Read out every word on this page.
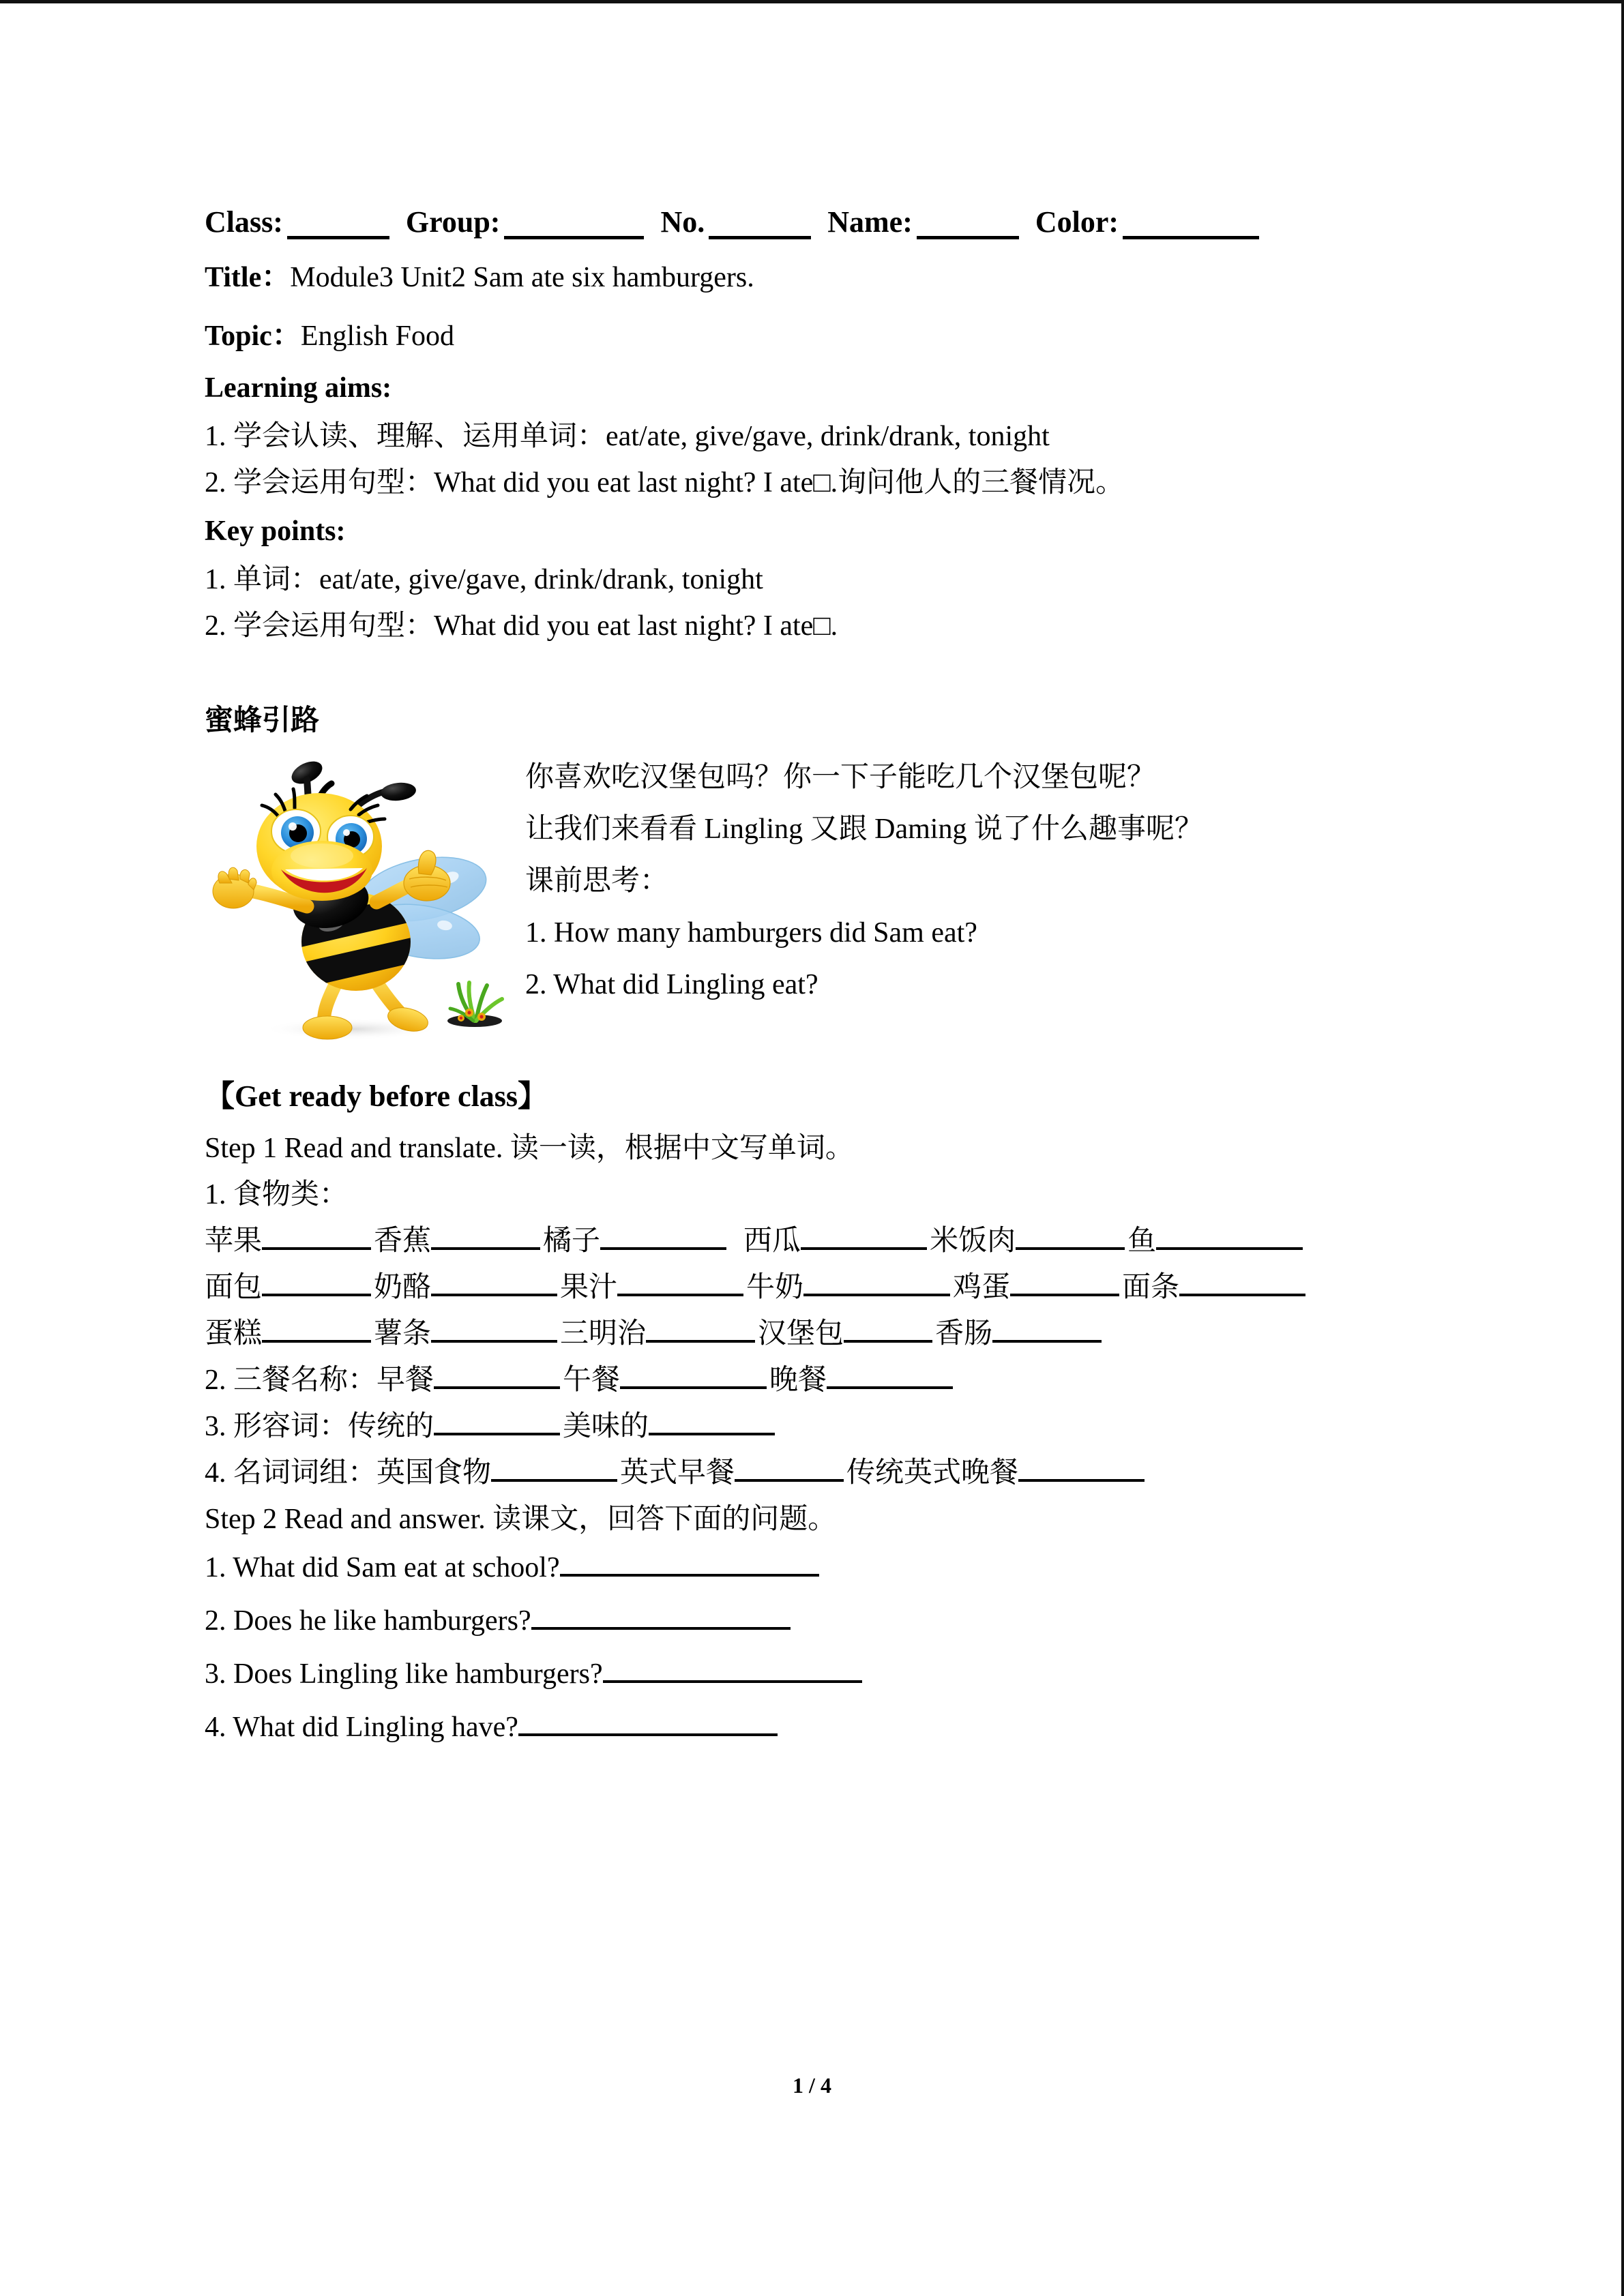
Class:	Group:	No.	Name:	Color:
Title：Module3 Unit2 Sam ate six hamburgers.
Topic：English Food
Learning aims:
1. 学会认读、理解、运用单词：eat/ate, give/gave, drink/drank, tonight
2. 学会运用句型：What did you eat last night? I ate□.询问他人的三餐情况。
Key points:
1. 单词：eat/ate, give/gave, drink/drank, tonight
2. 学会运用句型：What did you eat last night? I ate□.
蜜蜂引路
你喜欢吃汉堡包吗？你一下子能吃几个汉堡包呢？
让我们来看看 Lingling 又跟 Daming 说了什么趣事呢？
课前思考：
1. How many hamburgers did Sam eat?
2. What did Lingling eat?
【Get ready before class】
Step 1 Read and translate. 读一读，根据中文写单词。
1. 食物类：
苹果	香蕉	橘子	西瓜	米饭肉	鱼
面包	奶酪	果汁	牛奶	鸡蛋	面条
蛋糕	薯条	三明治	汉堡包	香肠
2. 三餐名称：早餐	午餐	晚餐
3. 形容词：传统的	美味的
4. 名词词组：英国食物	英式早餐	传统英式晚餐
Step 2 Read and answer. 读课文，回答下面的问题。
1. What did Sam eat at school?
2. Does he like hamburgers?
3. Does Lingling like hamburgers?
4. What did Lingling have?
1 / 4
